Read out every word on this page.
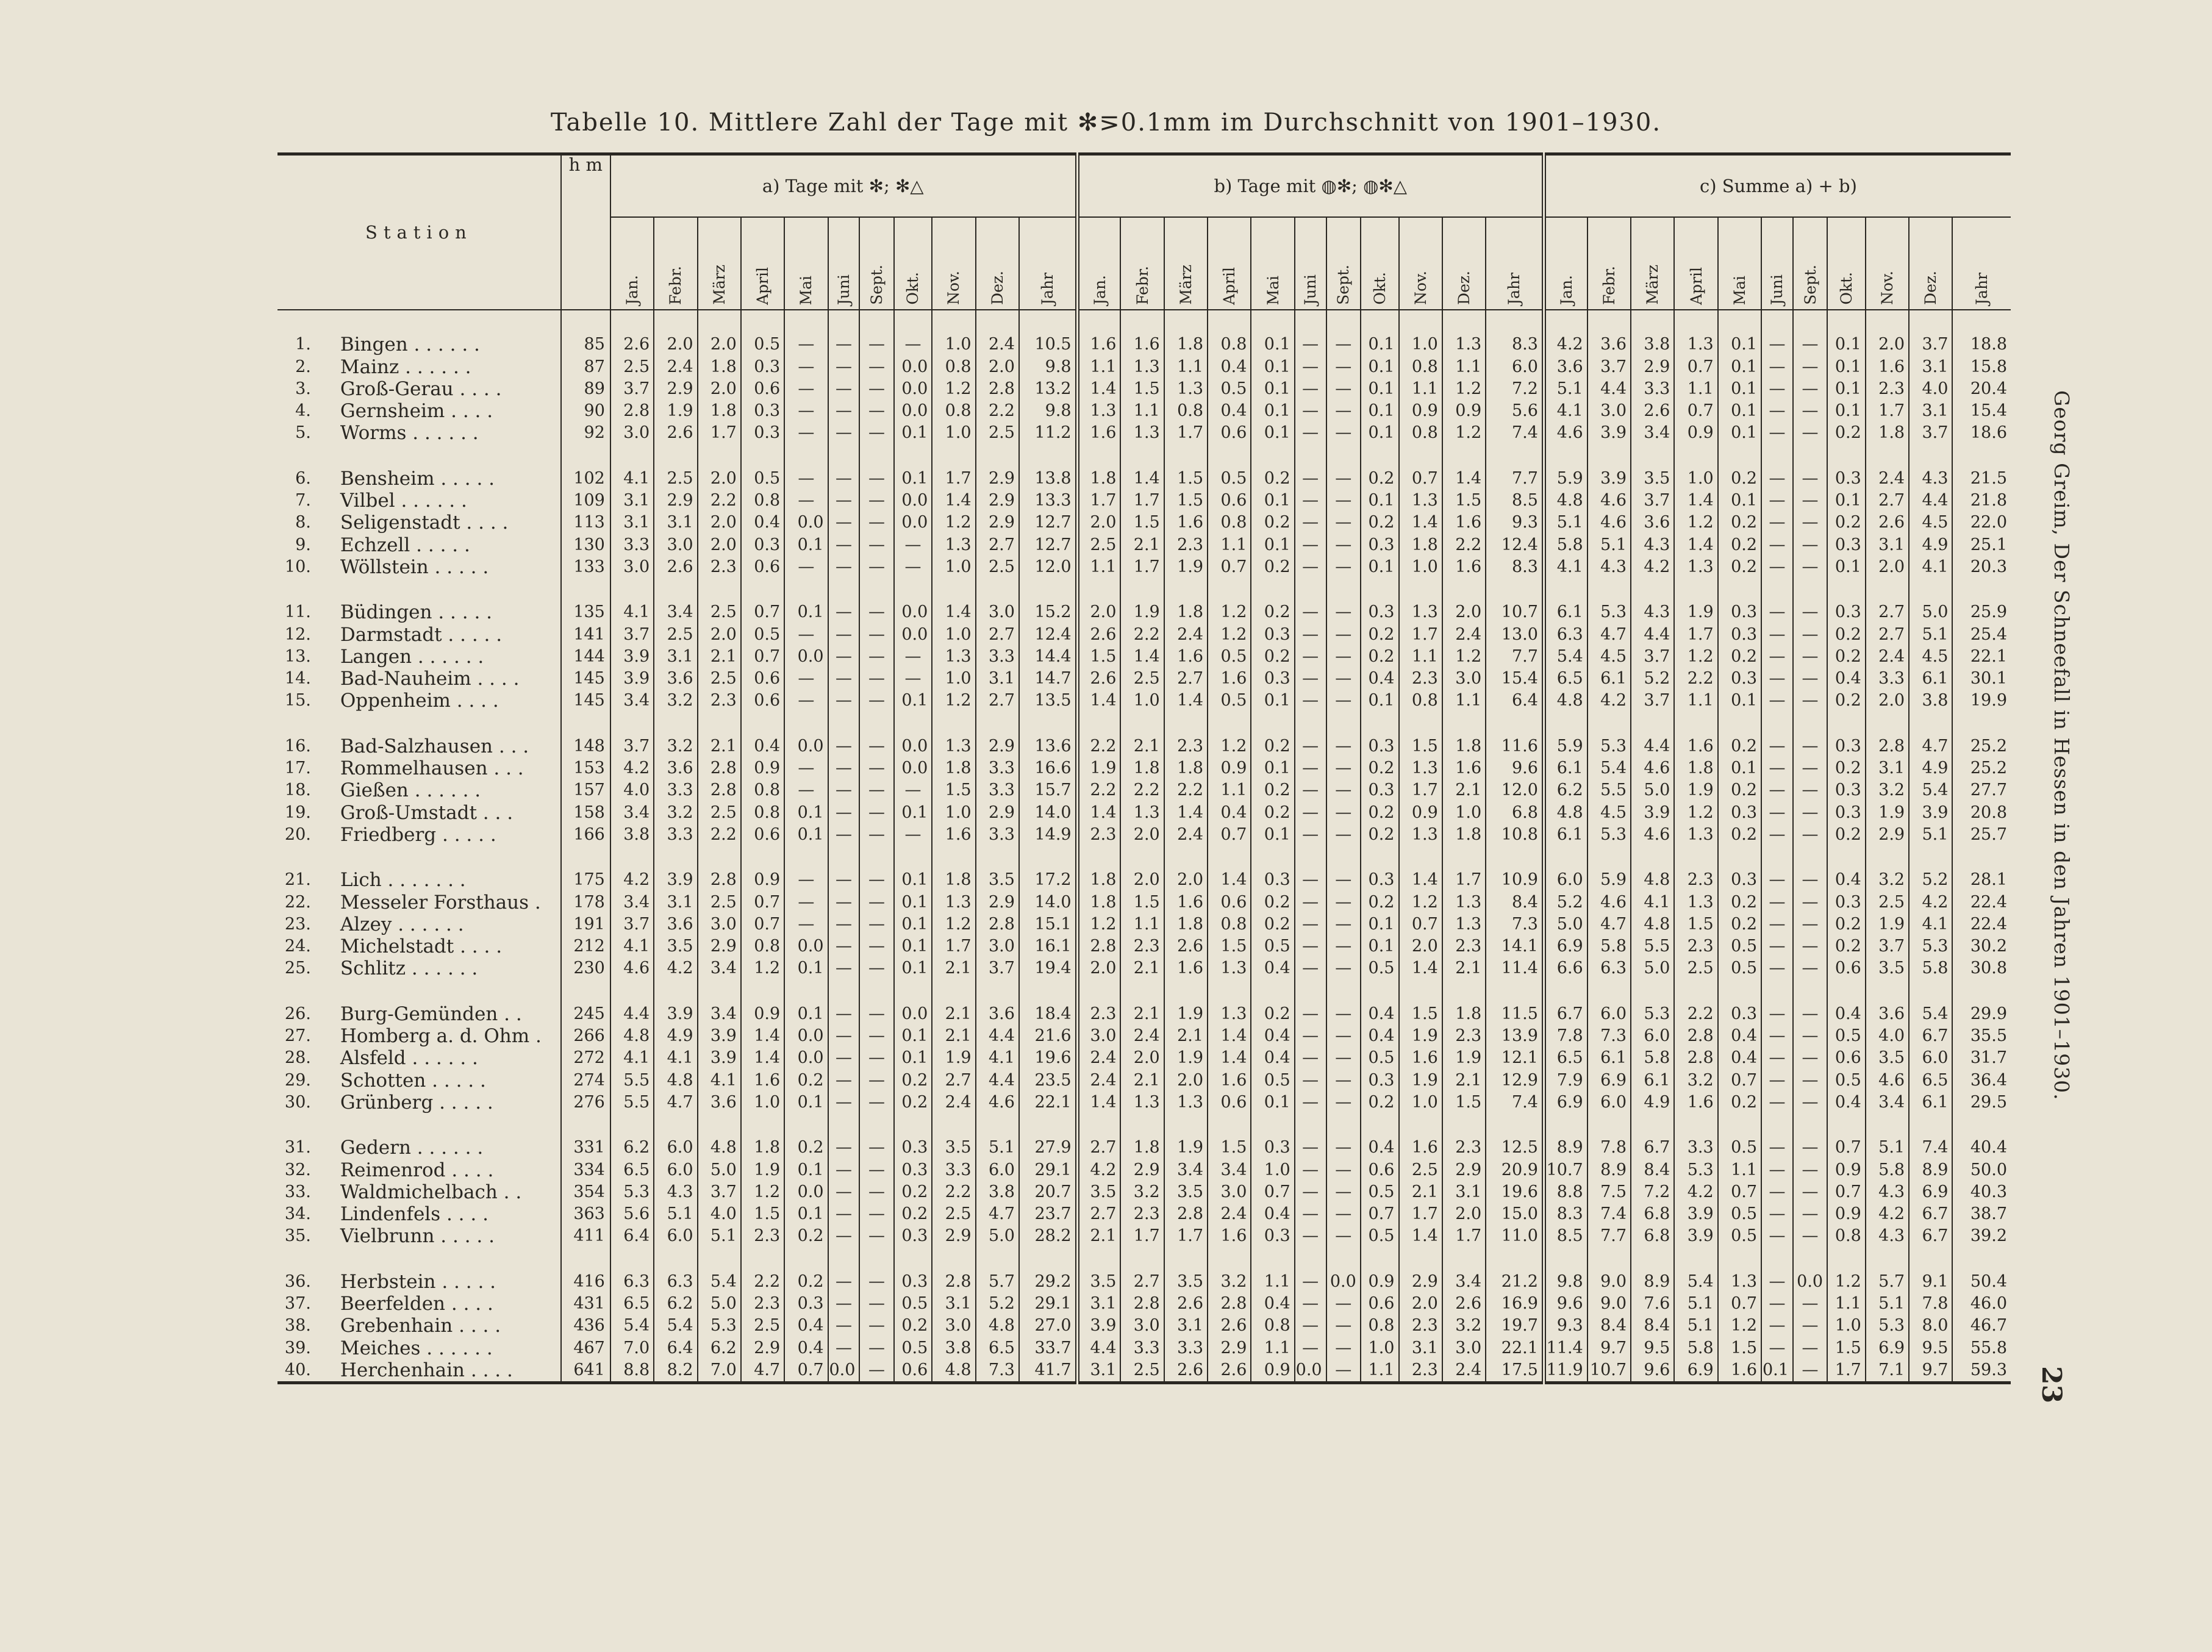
Tabelle 10. Mittlere Zahl der Tage mit ✻⋝0.1mm im Durchschnitt von 1901–1930.
Station		h m	a) Tage mit ✻; ✻△											b) Tage mit ◍✻; ◍✻△											c) Summe a) + b)										
			Jan.	Febr.	März	April	Mai	Juni	Sept.	Okt.	Nov.	Dez.	Jahr	Jan.	Febr.	März	April	Mai	Juni	Sept.	Okt.	Nov.	Dez.	Jahr	Jan.	Febr.	März	April	Mai	Juni	Sept.	Okt.	Nov.	Dez.	Jahr

1.	Bingen . . . . . .	85	2.6	2.0	2.0	0.5	—	—	—	—	1.0	2.4	10.5	1.6	1.6	1.8	0.8	0.1	—	—	0.1	1.0	1.3	8.3	4.2	3.6	3.8	1.3	0.1	—	—	0.1	2.0	3.7	18.8
2.	Mainz . . . . . .	87	2.5	2.4	1.8	0.3	—	—	—	0.0	0.8	2.0	9.8	1.1	1.3	1.1	0.4	0.1	—	—	0.1	0.8	1.1	6.0	3.6	3.7	2.9	0.7	0.1	—	—	0.1	1.6	3.1	15.8
3.	Groß-Gerau . . . .	89	3.7	2.9	2.0	0.6	—	—	—	0.0	1.2	2.8	13.2	1.4	1.5	1.3	0.5	0.1	—	—	0.1	1.1	1.2	7.2	5.1	4.4	3.3	1.1	0.1	—	—	0.1	2.3	4.0	20.4
4.	Gernsheim . . . .	90	2.8	1.9	1.8	0.3	—	—	—	0.0	0.8	2.2	9.8	1.3	1.1	0.8	0.4	0.1	—	—	0.1	0.9	0.9	5.6	4.1	3.0	2.6	0.7	0.1	—	—	0.1	1.7	3.1	15.4
5.	Worms . . . . . .	92	3.0	2.6	1.7	0.3	—	—	—	0.1	1.0	2.5	11.2	1.6	1.3	1.7	0.6	0.1	—	—	0.1	0.8	1.2	7.4	4.6	3.9	3.4	0.9	0.1	—	—	0.2	1.8	3.7	18.6

6.	Bensheim . . . . .	102	4.1	2.5	2.0	0.5	—	—	—	0.1	1.7	2.9	13.8	1.8	1.4	1.5	0.5	0.2	—	—	0.2	0.7	1.4	7.7	5.9	3.9	3.5	1.0	0.2	—	—	0.3	2.4	4.3	21.5
7.	Vilbel . . . . . .	109	3.1	2.9	2.2	0.8	—	—	—	0.0	1.4	2.9	13.3	1.7	1.7	1.5	0.6	0.1	—	—	0.1	1.3	1.5	8.5	4.8	4.6	3.7	1.4	0.1	—	—	0.1	2.7	4.4	21.8
8.	Seligenstadt . . . .	113	3.1	3.1	2.0	0.4	0.0	—	—	0.0	1.2	2.9	12.7	2.0	1.5	1.6	0.8	0.2	—	—	0.2	1.4	1.6	9.3	5.1	4.6	3.6	1.2	0.2	—	—	0.2	2.6	4.5	22.0
9.	Echzell . . . . .	130	3.3	3.0	2.0	0.3	0.1	—	—	—	1.3	2.7	12.7	2.5	2.1	2.3	1.1	0.1	—	—	0.3	1.8	2.2	12.4	5.8	5.1	4.3	1.4	0.2	—	—	0.3	3.1	4.9	25.1
10.	Wöllstein . . . . .	133	3.0	2.6	2.3	0.6	—	—	—	—	1.0	2.5	12.0	1.1	1.7	1.9	0.7	0.2	—	—	0.1	1.0	1.6	8.3	4.1	4.3	4.2	1.3	0.2	—	—	0.1	2.0	4.1	20.3

11.	Büdingen . . . . .	135	4.1	3.4	2.5	0.7	0.1	—	—	0.0	1.4	3.0	15.2	2.0	1.9	1.8	1.2	0.2	—	—	0.3	1.3	2.0	10.7	6.1	5.3	4.3	1.9	0.3	—	—	0.3	2.7	5.0	25.9
12.	Darmstadt . . . . .	141	3.7	2.5	2.0	0.5	—	—	—	0.0	1.0	2.7	12.4	2.6	2.2	2.4	1.2	0.3	—	—	0.2	1.7	2.4	13.0	6.3	4.7	4.4	1.7	0.3	—	—	0.2	2.7	5.1	25.4
13.	Langen . . . . . .	144	3.9	3.1	2.1	0.7	0.0	—	—	—	1.3	3.3	14.4	1.5	1.4	1.6	0.5	0.2	—	—	0.2	1.1	1.2	7.7	5.4	4.5	3.7	1.2	0.2	—	—	0.2	2.4	4.5	22.1
14.	Bad-Nauheim . . . .	145	3.9	3.6	2.5	0.6	—	—	—	—	1.0	3.1	14.7	2.6	2.5	2.7	1.6	0.3	—	—	0.4	2.3	3.0	15.4	6.5	6.1	5.2	2.2	0.3	—	—	0.4	3.3	6.1	30.1
15.	Oppenheim . . . .	145	3.4	3.2	2.3	0.6	—	—	—	0.1	1.2	2.7	13.5	1.4	1.0	1.4	0.5	0.1	—	—	0.1	0.8	1.1	6.4	4.8	4.2	3.7	1.1	0.1	—	—	0.2	2.0	3.8	19.9

16.	Bad-Salzhausen . . .	148	3.7	3.2	2.1	0.4	0.0	—	—	0.0	1.3	2.9	13.6	2.2	2.1	2.3	1.2	0.2	—	—	0.3	1.5	1.8	11.6	5.9	5.3	4.4	1.6	0.2	—	—	0.3	2.8	4.7	25.2
17.	Rommelhausen . . .	153	4.2	3.6	2.8	0.9	—	—	—	0.0	1.8	3.3	16.6	1.9	1.8	1.8	0.9	0.1	—	—	0.2	1.3	1.6	9.6	6.1	5.4	4.6	1.8	0.1	—	—	0.2	3.1	4.9	25.2
18.	Gießen . . . . . .	157	4.0	3.3	2.8	0.8	—	—	—	—	1.5	3.3	15.7	2.2	2.2	2.2	1.1	0.2	—	—	0.3	1.7	2.1	12.0	6.2	5.5	5.0	1.9	0.2	—	—	0.3	3.2	5.4	27.7
19.	Groß-Umstadt . . .	158	3.4	3.2	2.5	0.8	0.1	—	—	0.1	1.0	2.9	14.0	1.4	1.3	1.4	0.4	0.2	—	—	0.2	0.9	1.0	6.8	4.8	4.5	3.9	1.2	0.3	—	—	0.3	1.9	3.9	20.8
20.	Friedberg . . . . .	166	3.8	3.3	2.2	0.6	0.1	—	—	—	1.6	3.3	14.9	2.3	2.0	2.4	0.7	0.1	—	—	0.2	1.3	1.8	10.8	6.1	5.3	4.6	1.3	0.2	—	—	0.2	2.9	5.1	25.7

21.	Lich . . . . . . .	175	4.2	3.9	2.8	0.9	—	—	—	0.1	1.8	3.5	17.2	1.8	2.0	2.0	1.4	0.3	—	—	0.3	1.4	1.7	10.9	6.0	5.9	4.8	2.3	0.3	—	—	0.4	3.2	5.2	28.1
22.	Messeler Forsthaus .	178	3.4	3.1	2.5	0.7	—	—	—	0.1	1.3	2.9	14.0	1.8	1.5	1.6	0.6	0.2	—	—	0.2	1.2	1.3	8.4	5.2	4.6	4.1	1.3	0.2	—	—	0.3	2.5	4.2	22.4
23.	Alzey . . . . . .	191	3.7	3.6	3.0	0.7	—	—	—	0.1	1.2	2.8	15.1	1.2	1.1	1.8	0.8	0.2	—	—	0.1	0.7	1.3	7.3	5.0	4.7	4.8	1.5	0.2	—	—	0.2	1.9	4.1	22.4
24.	Michelstadt . . . .	212	4.1	3.5	2.9	0.8	0.0	—	—	0.1	1.7	3.0	16.1	2.8	2.3	2.6	1.5	0.5	—	—	0.1	2.0	2.3	14.1	6.9	5.8	5.5	2.3	0.5	—	—	0.2	3.7	5.3	30.2
25.	Schlitz . . . . . .	230	4.6	4.2	3.4	1.2	0.1	—	—	0.1	2.1	3.7	19.4	2.0	2.1	1.6	1.3	0.4	—	—	0.5	1.4	2.1	11.4	6.6	6.3	5.0	2.5	0.5	—	—	0.6	3.5	5.8	30.8

26.	Burg-Gemünden . .	245	4.4	3.9	3.4	0.9	0.1	—	—	0.0	2.1	3.6	18.4	2.3	2.1	1.9	1.3	0.2	—	—	0.4	1.5	1.8	11.5	6.7	6.0	5.3	2.2	0.3	—	—	0.4	3.6	5.4	29.9
27.	Homberg a. d. Ohm .	266	4.8	4.9	3.9	1.4	0.0	—	—	0.1	2.1	4.4	21.6	3.0	2.4	2.1	1.4	0.4	—	—	0.4	1.9	2.3	13.9	7.8	7.3	6.0	2.8	0.4	—	—	0.5	4.0	6.7	35.5
28.	Alsfeld . . . . . .	272	4.1	4.1	3.9	1.4	0.0	—	—	0.1	1.9	4.1	19.6	2.4	2.0	1.9	1.4	0.4	—	—	0.5	1.6	1.9	12.1	6.5	6.1	5.8	2.8	0.4	—	—	0.6	3.5	6.0	31.7
29.	Schotten . . . . .	274	5.5	4.8	4.1	1.6	0.2	—	—	0.2	2.7	4.4	23.5	2.4	2.1	2.0	1.6	0.5	—	—	0.3	1.9	2.1	12.9	7.9	6.9	6.1	3.2	0.7	—	—	0.5	4.6	6.5	36.4
30.	Grünberg . . . . .	276	5.5	4.7	3.6	1.0	0.1	—	—	0.2	2.4	4.6	22.1	1.4	1.3	1.3	0.6	0.1	—	—	0.2	1.0	1.5	7.4	6.9	6.0	4.9	1.6	0.2	—	—	0.4	3.4	6.1	29.5

31.	Gedern . . . . . .	331	6.2	6.0	4.8	1.8	0.2	—	—	0.3	3.5	5.1	27.9	2.7	1.8	1.9	1.5	0.3	—	—	0.4	1.6	2.3	12.5	8.9	7.8	6.7	3.3	0.5	—	—	0.7	5.1	7.4	40.4
32.	Reimenrod . . . .	334	6.5	6.0	5.0	1.9	0.1	—	—	0.3	3.3	6.0	29.1	4.2	2.9	3.4	3.4	1.0	—	—	0.6	2.5	2.9	20.9	10.7	8.9	8.4	5.3	1.1	—	—	0.9	5.8	8.9	50.0
33.	Waldmichelbach . .	354	5.3	4.3	3.7	1.2	0.0	—	—	0.2	2.2	3.8	20.7	3.5	3.2	3.5	3.0	0.7	—	—	0.5	2.1	3.1	19.6	8.8	7.5	7.2	4.2	0.7	—	—	0.7	4.3	6.9	40.3
34.	Lindenfels . . . .	363	5.6	5.1	4.0	1.5	0.1	—	—	0.2	2.5	4.7	23.7	2.7	2.3	2.8	2.4	0.4	—	—	0.7	1.7	2.0	15.0	8.3	7.4	6.8	3.9	0.5	—	—	0.9	4.2	6.7	38.7
35.	Vielbrunn . . . . .	411	6.4	6.0	5.1	2.3	0.2	—	—	0.3	2.9	5.0	28.2	2.1	1.7	1.7	1.6	0.3	—	—	0.5	1.4	1.7	11.0	8.5	7.7	6.8	3.9	0.5	—	—	0.8	4.3	6.7	39.2

36.	Herbstein . . . . .	416	6.3	6.3	5.4	2.2	0.2	—	—	0.3	2.8	5.7	29.2	3.5	2.7	3.5	3.2	1.1	—	0.0	0.9	2.9	3.4	21.2	9.8	9.0	8.9	5.4	1.3	—	0.0	1.2	5.7	9.1	50.4
37.	Beerfelden . . . .	431	6.5	6.2	5.0	2.3	0.3	—	—	0.5	3.1	5.2	29.1	3.1	2.8	2.6	2.8	0.4	—	—	0.6	2.0	2.6	16.9	9.6	9.0	7.6	5.1	0.7	—	—	1.1	5.1	7.8	46.0
38.	Grebenhain . . . .	436	5.4	5.4	5.3	2.5	0.4	—	—	0.2	3.0	4.8	27.0	3.9	3.0	3.1	2.6	0.8	—	—	0.8	2.3	3.2	19.7	9.3	8.4	8.4	5.1	1.2	—	—	1.0	5.3	8.0	46.7
39.	Meiches . . . . . .	467	7.0	6.4	6.2	2.9	0.4	—	—	0.5	3.8	6.5	33.7	4.4	3.3	3.3	2.9	1.1	—	—	1.0	3.1	3.0	22.1	11.4	9.7	9.5	5.8	1.5	—	—	1.5	6.9	9.5	55.8
40.	Herchenhain . . . .	641	8.8	8.2	7.0	4.7	0.7	0.0	—	0.6	4.8	7.3	41.7	3.1	2.5	2.6	2.6	0.9	0.0	—	1.1	2.3	2.4	17.5	11.9	10.7	9.6	6.9	1.6	0.1	—	1.7	7.1	9.7	59.3
Georg Greim, Der Schneefall in Hessen in den Jahren 1901–1930.
23
